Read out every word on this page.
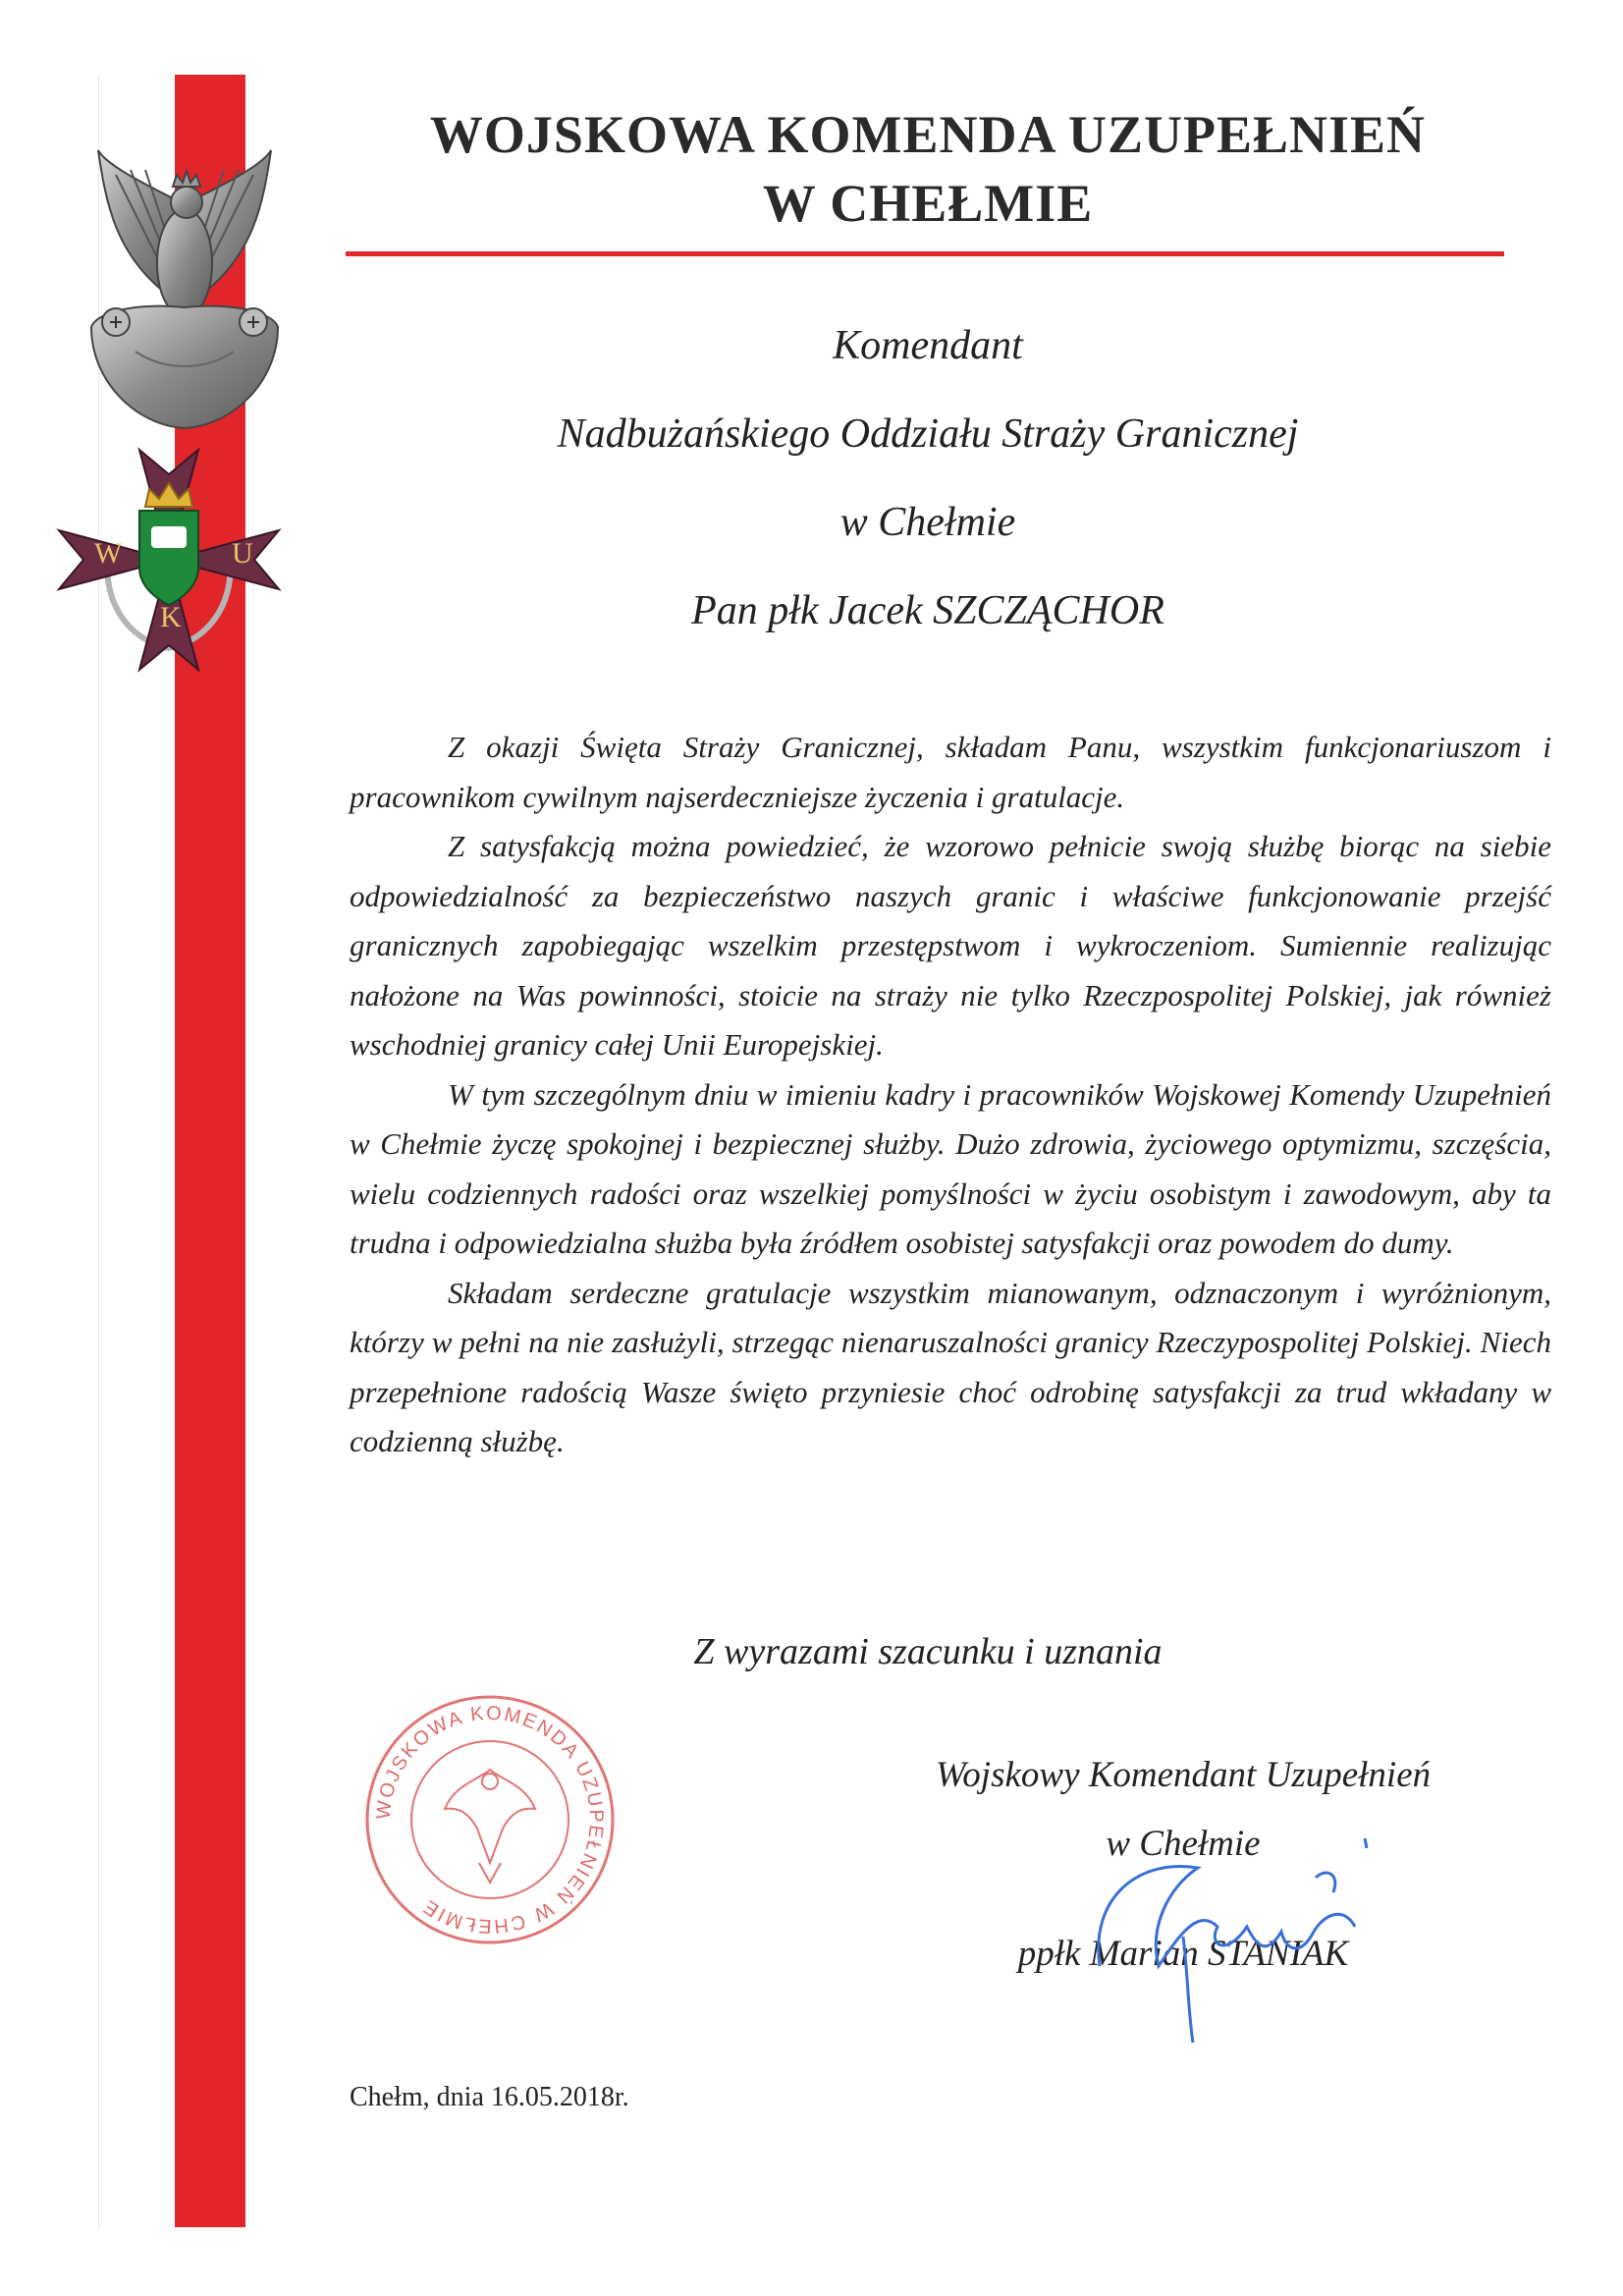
W	U
K
WOJSKOWA KOMENDA UZUPEŁNIEŃ
W CHEŁMIE
Komendant
Nadbużańskiego Oddziału Straży Granicznej
w Chełmie
Pan płk Jacek SZCZĄCHOR

Z okazji Święta Straży Granicznej, składam Panu, wszystkim funkcjonariuszom i pracownikom cywilnym najserdeczniejsze życzenia i gratulacje.

Z satysfakcją można powiedzieć, że wzorowo pełnicie swoją służbę biorąc na siebie odpowiedzialność za bezpieczeństwo naszych granic i właściwe funkcjonowanie przejść granicznych zapobiegając wszelkim przestępstwom i wykroczeniom. Sumiennie realizując nałożone na Was powinności, stoicie na straży nie tylko Rzeczpospolitej Polskiej, jak również wschodniej granicy całej Unii Europejskiej.

W tym szczególnym dniu w imieniu kadry i pracowników Wojskowej Komendy Uzupełnień w Chełmie życzę spokojnej i bezpiecznej służby. Dużo zdrowia, życiowego optymizmu, szczęścia, wielu codziennych radości oraz wszelkiej pomyślności w życiu osobistym i zawodowym, aby ta trudna i odpowiedzialna służba była źródłem osobistej satysfakcji oraz powodem do dumy.

Składam serdeczne gratulacje wszystkim mianowanym, odznaczonym i wyróżnionym, którzy w pełni na nie zasłużyli, strzegąc nienaruszalności granicy Rzeczypospolitej Polskiej. Niech przepełnione radością Wasze święto przyniesie choć odrobinę satysfakcji za trud wkładany w codzienną służbę.

Z wyrazami szacunku i uznania
WOJSKOWA KOMENDA UZUPEŁNIEŃ W CHEŁMIE
Wojskowy Komendant Uzupełnień
w Chełmie
ppłk Marian STANIAK
Chełm, dnia 16.05.2018r.
